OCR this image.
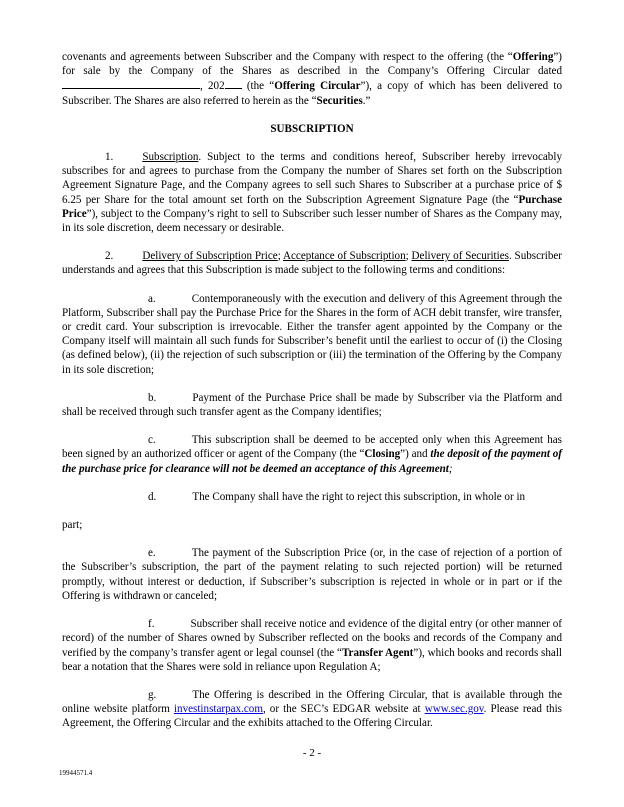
covenants and agreements between Subscriber and the Company with respect to the offering (the “Offering”) for sale by the Company of the Shares as described in the Company’s Offering Circular dated , 202 (the “Offering Circular”), a copy of which has been delivered to Subscriber. The Shares are also referred to herein as the “Securities.”

SUBSCRIPTION

1.	Subscription. Subject to the terms and conditions hereof, Subscriber hereby irrevocably subscribes for and agrees to purchase from the Company the number of Shares set forth on the Subscription Agreement Signature Page, and the Company agrees to sell such Shares to Subscriber at a purchase price of $ 6.25 per Share for the total amount set forth on the Subscription Agreement Signature Page (the “Purchase Price”), subject to the Company’s right to sell to Subscriber such lesser number of Shares as the Company may, in its sole discretion, deem necessary or desirable.

2.	Delivery of Subscription Price; Acceptance of Subscription; Delivery of Securities. Subscriber understands and agrees that this Subscription is made subject to the following terms and conditions:

a.	Contemporaneously with the execution and delivery of this Agreement through the Platform, Subscriber shall pay the Purchase Price for the Shares in the form of ACH debit transfer, wire transfer, or credit card. Your subscription is irrevocable. Either the transfer agent appointed by the Company or the Company itself will maintain all such funds for Subscriber’s benefit until the earliest to occur of (i) the Closing (as defined below), (ii) the rejection of such subscription or (iii) the termination of the Offering by the Company in its sole discretion;

b.	Payment of the Purchase Price shall be made by Subscriber via the Platform and shall be received through such transfer agent as the Company identifies;

c.	This subscription shall be deemed to be accepted only when this Agreement has been signed by an authorized officer or agent of the Company (the “Closing”) and the deposit of the payment of the purchase price for clearance will not be deemed an acceptance of this Agreement;

d.	The Company shall have the right to reject this subscription, in whole or in

part;

e.	The payment of the Subscription Price (or, in the case of rejection of a portion of the Subscriber’s subscription, the part of the payment relating to such rejected portion) will be returned promptly, without interest or deduction, if Subscriber’s subscription is rejected in whole or in part or if the Offering is withdrawn or canceled;

f.	Subscriber shall receive notice and evidence of the digital entry (or other manner of record) of the number of Shares owned by Subscriber reflected on the books and records of the Company and verified by the company’s transfer agent or legal counsel (the “Transfer Agent”), which books and records shall bear a notation that the Shares were sold in reliance upon Regulation A;

g.	The Offering is described in the Offering Circular, that is available through the online website platform investinstarpax.com, or the SEC’s EDGAR website at www.sec.gov. Please read this Agreement, the Offering Circular and the exhibits attached to the Offering Circular.

- 2 -
19944571.4
